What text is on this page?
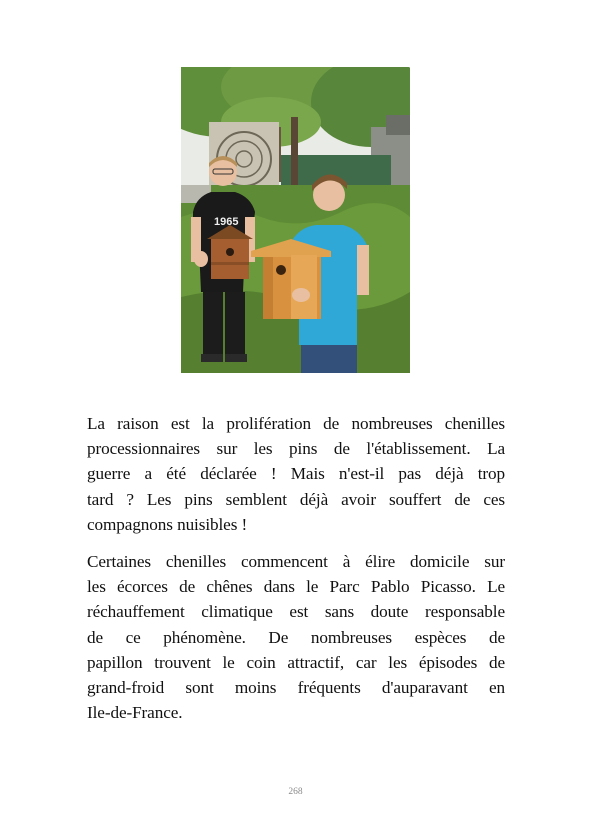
1965

La raison est la prolifération de nombreuses chenilles
processionnaires sur les pins de l'établissement. La
guerre a été déclarée ! Mais n'est-il pas déjà trop
tard ? Les pins semblent déjà avoir souffert de ces
compagnons nuisibles !

Certaines chenilles commencent à élire domicile sur
les écorces de chênes dans le Parc Pablo Picasso. Le
réchauffement climatique est sans doute responsable
de ce phénomène. De nombreuses espèces de
papillon trouvent le coin attractif, car les épisodes de
grand-froid sont moins fréquents d'auparavant en
Ile-de-France.

268
